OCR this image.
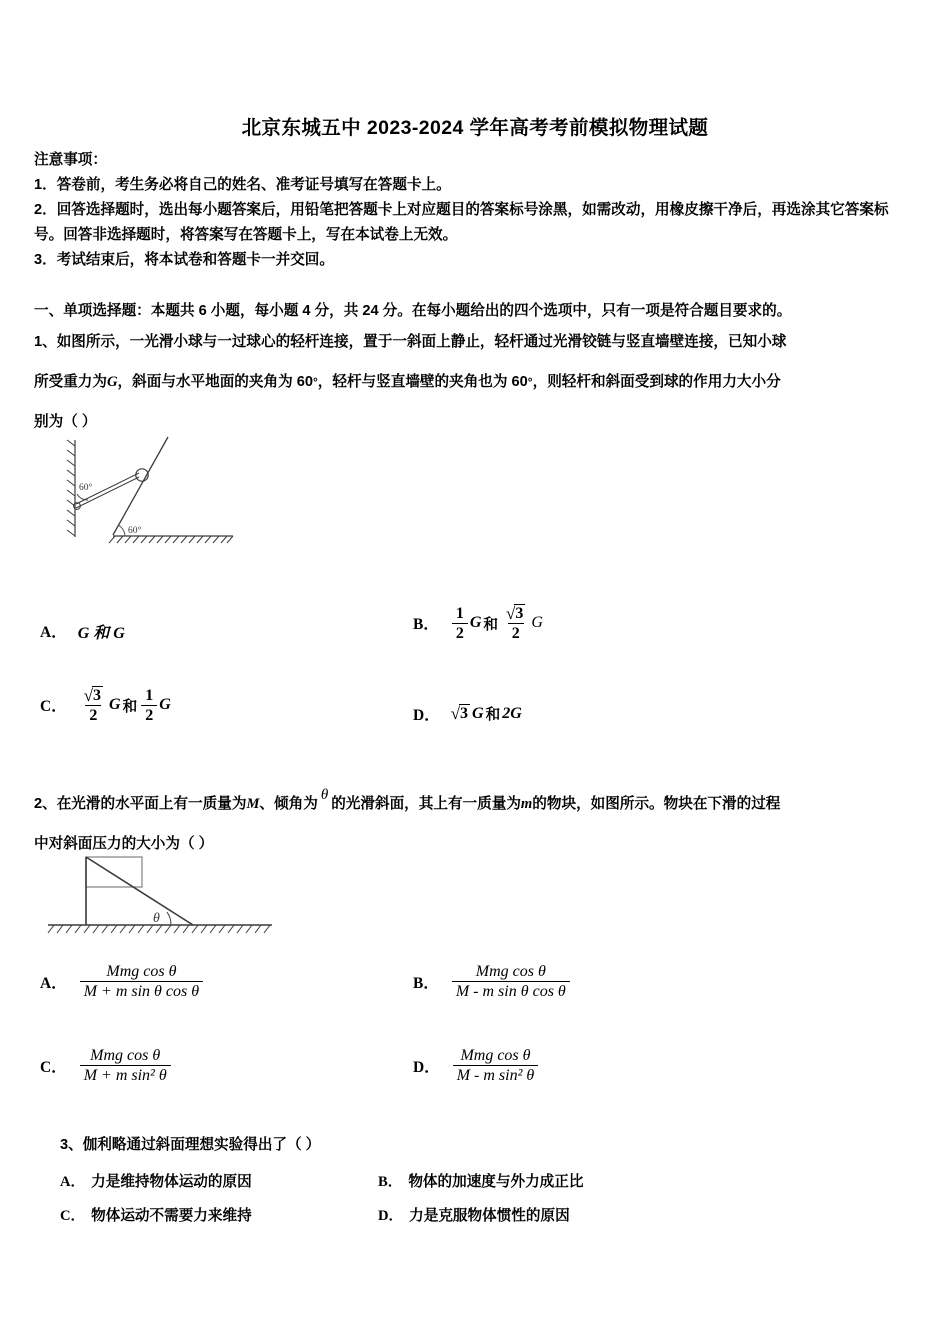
北京东城五中 2023-2024 学年高考考前模拟物理试题
注意事项：
1．答卷前，考生务必将自己的姓名、准考证号填写在答题卡上。
2．回答选择题时，选出每小题答案后，用铅笔把答题卡上对应题目的答案标号涂黑，如需改动，用橡皮擦干净后，再选涂其它答案标号。回答非选择题时，将答案写在答题卡上，写在本试卷上无效。
3．考试结束后，将本试卷和答题卡一并交回。
一、单项选择题：本题共 6 小题，每小题 4 分，共 24 分。在每小题给出的四个选项中，只有一项是符合题目要求的。
1、如图所示，一光滑小球与一过球心的轻杆连接，置于一斜面上静止，轻杆通过光滑铰链与竖直墙壁连接，已知小球
所受重力为G，斜面与水平地面的夹角为 60°，轻杆与竖直墙壁的夹角也为 60°，则轻杆和斜面受到球的作用力大小分
别为（ ）
60°
60°
A． G 和 G	B． $\frac{1}{2}$ G 和 $\frac{√ 3}{2}$ G
C． $\frac{√ 3}{2}$ G 和 $\frac{1}{2}$ G
D． √ 3 G 和 2G
2、在光滑的水平面上有一质量为M、倾角为θ的光滑斜面，其上有一质量为m的物块，如图所示。物块在下滑的过程
中对斜面压力的大小为（ ）
θ
A． $\frac{\text{Mmg cos θ}}{\text{M + m sin θ cos θ}}$	B． $\frac{\text{Mmg cos θ}}{\text{M - m sin θ cos θ}}$
C． $\frac{\text{Mmg cos θ}}{\text{M + m sin² θ}}$	D． $\frac{\text{Mmg cos θ}}{\text{M - m sin² θ}}$
3、伽利略通过斜面理想实验得出了（ ）
A． 力是维持物体运动的原因	B． 物体的加速度与外力成正比
C． 物体运动不需要力来维持	D． 力是克服物体惯性的原因
